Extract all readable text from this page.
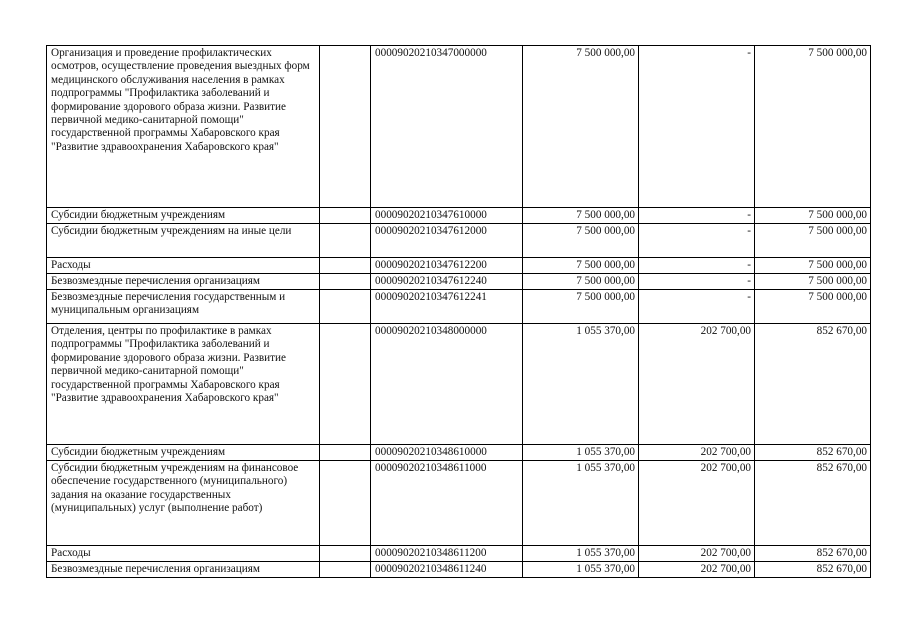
Организация и проведение профилактических осмотров, осуществление проведения выездных форм медицинского обслуживания населения в рамках подпрограммы "Профилактика заболеваний и формирование здорового образа жизни. Развитие первичной медико-санитарной помощи" государственной программы Хабаровского края "Развитие здравоохранения Хабаровского края"		00009020210347000000	7 500 000,00	-	7 500 000,00
Субсидии бюджетным учреждениям		00009020210347610000	7 500 000,00	-	7 500 000,00
Субсидии бюджетным учреждениям на иные цели		00009020210347612000	7 500 000,00	-	7 500 000,00
Расходы		00009020210347612200	7 500 000,00	-	7 500 000,00
Безвозмездные перечисления организациям		00009020210347612240	7 500 000,00	-	7 500 000,00
Безвозмездные перечисления государственным и муниципальным организациям		00009020210347612241	7 500 000,00	-	7 500 000,00
Отделения, центры по профилактике в рамках подпрограммы "Профилактика заболеваний и формирование здорового образа жизни. Развитие первичной медико-санитарной помощи" государственной программы Хабаровского края "Развитие здравоохранения Хабаровского края"		00009020210348000000	1 055 370,00	202 700,00	852 670,00
Субсидии бюджетным учреждениям		00009020210348610000	1 055 370,00	202 700,00	852 670,00
Субсидии бюджетным учреждениям на финансовое обеспечение государственного (муниципального) задания на оказание государственных (муниципальных) услуг (выполнение работ)		00009020210348611000	1 055 370,00	202 700,00	852 670,00
Расходы		00009020210348611200	1 055 370,00	202 700,00	852 670,00
Безвозмездные перечисления организациям		00009020210348611240	1 055 370,00	202 700,00	852 670,00
